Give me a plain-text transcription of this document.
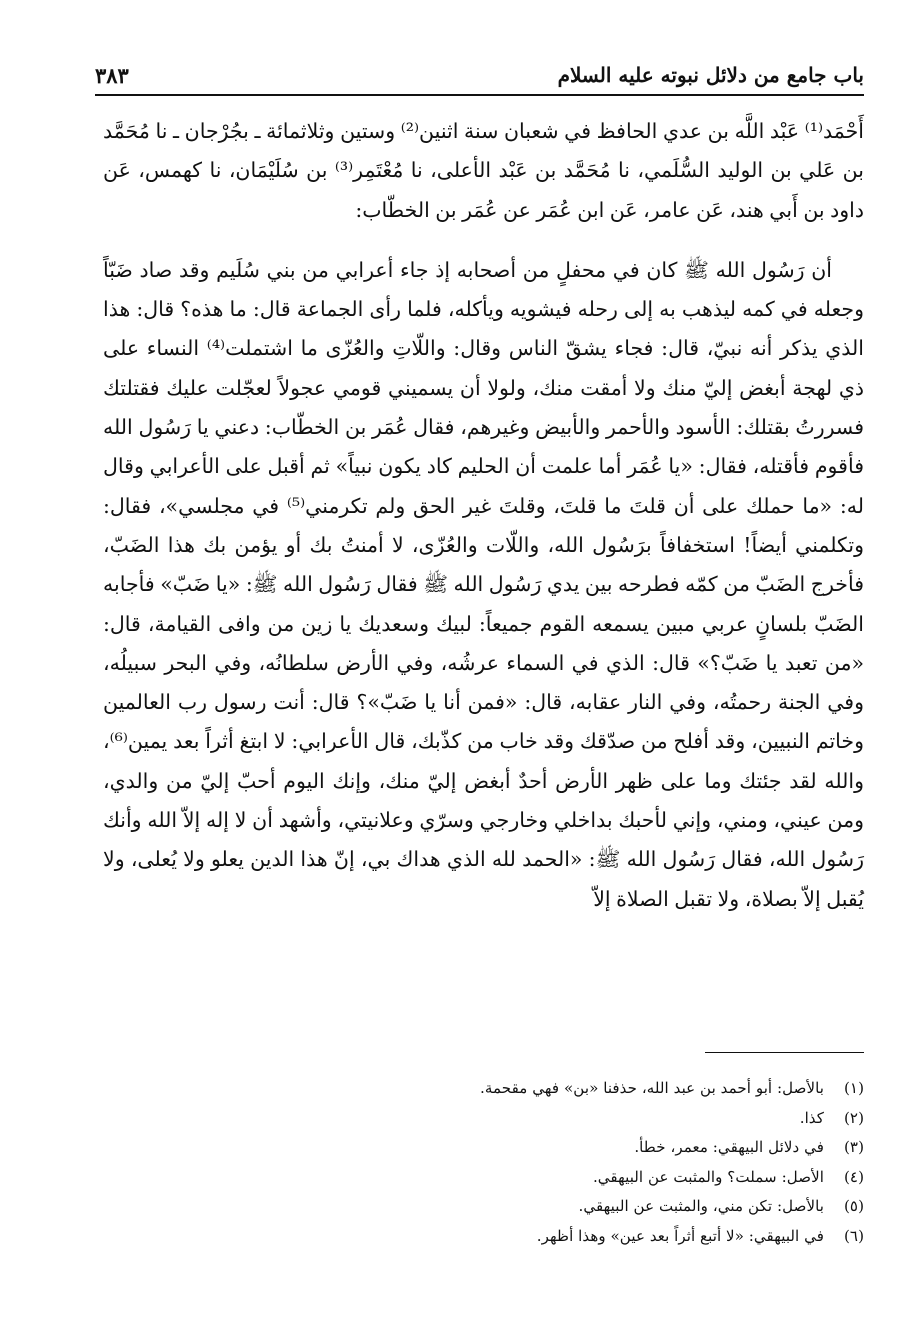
باب جامع من دلائل نبوته عليه السلام
٣٨٣

أَحْمَد⁽¹⁾ عَبْد اللَّه بن عدي الحافظ في شعبان سنة اثنين⁽²⁾ وستين وثلاثمائة ـ بجُرْجان ـ نا مُحَمَّد بن عَلي بن الوليد السُّلَمي، نا مُحَمَّد بن عَبْد الأعلى، نا مُعْتَمِر⁽³⁾ بن سُلَيْمَان، نا كهمس، عَن داود بن أَبي هند، عَن عامر، عَن ابن عُمَر عن عُمَر بن الخطّاب:

أن رَسُول الله ﷺ كان في محفلٍ من أصحابه إذ جاء أعرابي من بني سُلَيم وقد صاد ضَبّاً وجعله في كمه ليذهب به إلى رحله فيشويه ويأكله، فلما رأى الجماعة قال: ما هذه؟ قال: هذا الذي يذكر أنه نبيّ، قال: فجاء يشقّ الناس وقال: واللّاتِ والعُزّى ما اشتملت⁽⁴⁾ النساء على ذي لهجة أبغض إليّ منك ولا أمقت منك، ولولا أن يسميني قومي عجولاً لعجّلت عليك فقتلتك فسررتُ بقتلك: الأسود والأحمر والأبيض وغيرهم، فقال عُمَر بن الخطّاب: دعني يا رَسُول الله فأقوم فأقتله، فقال: «يا عُمَر أما علمت أن الحليم كاد يكون نبياً» ثم أقبل على الأعرابي وقال له: «ما حملك على أن قلتَ ما قلتَ، وقلتَ غير الحق ولم تكرمني⁽⁵⁾ في مجلسي»، فقال: وتكلمني أيضاً! استخفافاً برَسُول الله، واللّات والعُزّى، لا أمنتُ بك أو يؤمن بك هذا الضَبّ، فأخرج الضَبّ من كمّه فطرحه بين يدي رَسُول الله ﷺ فقال رَسُول الله ﷺ: «يا ضَبّ» فأجابه الضَبّ بلسانٍ عربي مبين يسمعه القوم جميعاً: لبيك وسعديك يا زين من وافى القيامة، قال: «من تعبد يا ضَبّ؟» قال: الذي في السماء عرشُه، وفي الأرض سلطانُه، وفي البحر سبيلُه، وفي الجنة رحمتُه، وفي النار عقابه، قال: «فمن أنا يا ضَبّ»؟ قال: أنت رسول رب العالمين وخاتم النبيين، وقد أفلح من صدّقك وقد خاب من كذّبك، قال الأعرابي: لا ابتغ أثراً بعد يمين⁽⁶⁾، والله لقد جئتك وما على ظهر الأرض أحدٌ أبغض إليّ منك، وإنك اليوم أحبّ إليّ من والدي، ومن عيني، ومني، وإني لأحبك بداخلي وخارجي وسرّي وعلانيتي، وأشهد أن لا إله إلاّ الله وأنك رَسُول الله، فقال رَسُول الله ﷺ: «الحمد لله الذي هداك بي، إنّ هذا الدين يعلو ولا يُعلى، ولا يُقبل إلاّ بصلاة، ولا تقبل الصلاة إلاّ

(١)
بالأصل: أبو أحمد بن عبد الله، حذفنا «بن» فهي مقحمة.
(٢)
كذا.
(٣)
في دلائل البيهقي: معمر، خطأ.
(٤)
الأصل: سملت؟ والمثبت عن البيهقي.
(٥)
بالأصل: تكن مني، والمثبت عن البيهقي.
(٦)
في البيهقي: «لا أتبع أثراً بعد عين» وهذا أظهر.
